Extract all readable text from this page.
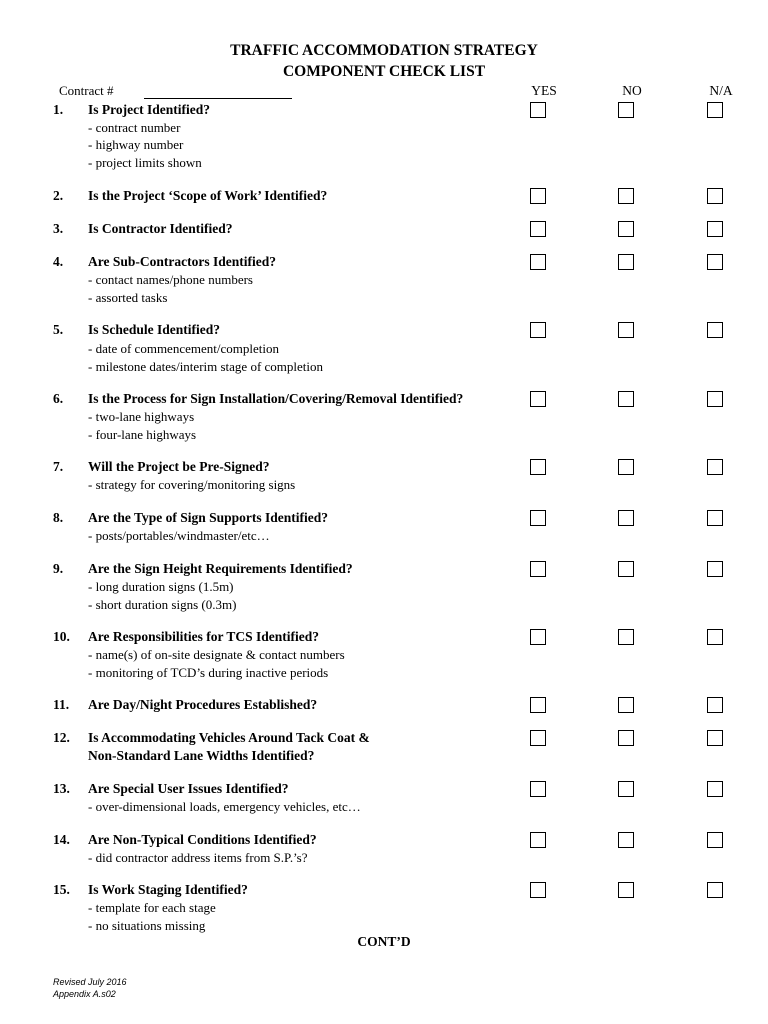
TRAFFIC ACCOMMODATION STRATEGY
COMPONENT CHECK LIST
Contract #	YES	NO	N/A
1. Is Project Identified?
- contract number
- highway number
- project limits shown
2. Is the Project ‘Scope of Work’ Identified?
3. Is Contractor Identified?
4. Are Sub-Contractors Identified?
- contact names/phone numbers
- assorted tasks
5. Is Schedule Identified?
- date of commencement/completion
- milestone dates/interim stage of completion
6. Is the Process for Sign Installation/Covering/Removal Identified?
- two-lane highways
- four-lane highways
7. Will the Project be Pre-Signed?
- strategy for covering/monitoring signs
8. Are the Type of Sign Supports Identified?
- posts/portables/windmaster/etc…
9. Are the Sign Height Requirements Identified?
- long duration signs (1.5m)
- short duration signs (0.3m)
10. Are Responsibilities for TCS Identified?
- name(s) of on-site designate & contact numbers
- monitoring of TCD’s during inactive periods
11. Are Day/Night Procedures Established?
12. Is Accommodating Vehicles Around Tack Coat &
Non-Standard Lane Widths Identified?
13. Are Special User Issues Identified?
- over-dimensional loads, emergency vehicles, etc…
14. Are Non-Typical Conditions Identified?
- did contractor address items from S.P.’s?
15. Is Work Staging Identified?
- template for each stage
- no situations missing
CONT’D
Revised July 2016
Appendix A.s02
